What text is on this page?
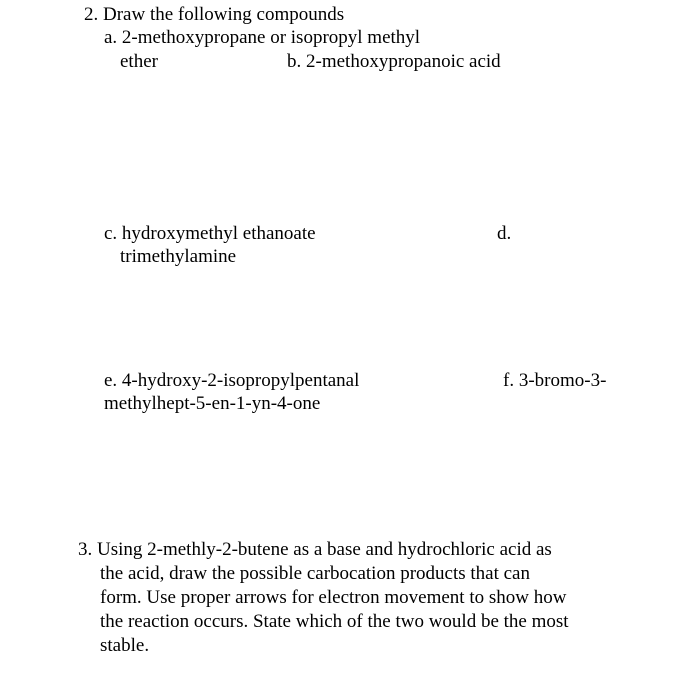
2. Draw the following compounds
a. 2-methoxypropane or isopropyl methyl
ether	b. 2-methoxypropanoic acid
c. hydroxymethyl ethanoate
trimethylamine
d.
e. 4-hydroxy-2-isopropylpentanal
methylhept-5-en-1-yn-4-one
f. 3-bromo-3-
3. Using 2-methly-2-butene as a base and hydrochloric acid as
the acid, draw the possible carbocation products that can
form. Use proper arrows for electron movement to show how
the reaction occurs. State which of the two would be the most
stable.
